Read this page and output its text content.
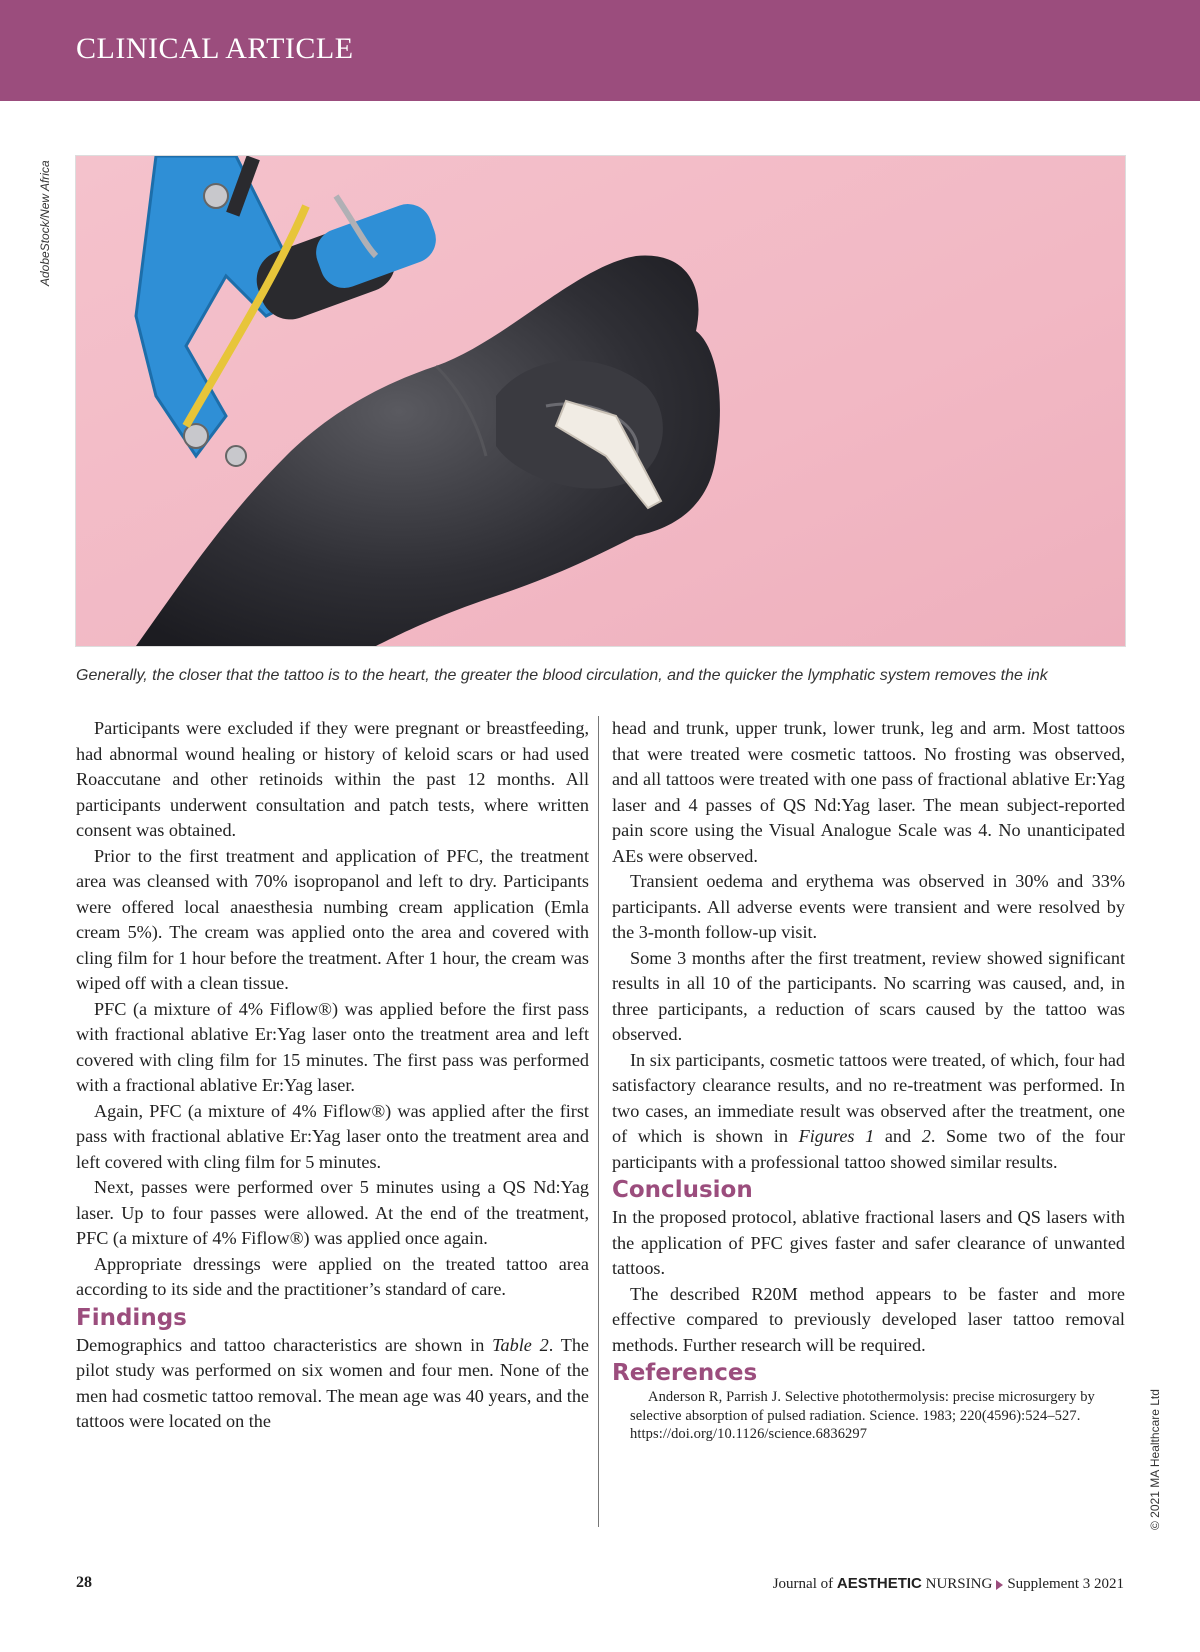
CLINICAL ARTICLE
AdobeStock/New Africa
Generally, the closer that the tattoo is to the heart, the greater the blood circulation, and the quicker the lymphatic system removes the ink

Participants were excluded if they were pregnant or breastfeeding, had abnormal wound healing or history of keloid scars or had used Roaccutane and other retinoids within the past 12 months. All participants underwent consultation and patch tests, where written consent was obtained.

Prior to the first treatment and application of PFC, the treatment area was cleansed with 70% isopropanol and left to dry. Participants were offered local anaesthesia numbing cream application (Emla cream 5%). The cream was applied onto the area and covered with cling film for 1 hour before the treatment. After 1 hour, the cream was wiped off with a clean tissue.

PFC (a mixture of 4% Fiflow®) was applied before the first pass with fractional ablative Er:Yag laser onto the treatment area and left covered with cling film for 15 minutes. The first pass was performed with a fractional ablative Er:Yag laser.

Again, PFC (a mixture of 4% Fiflow®) was applied after the first pass with fractional ablative Er:Yag laser onto the treatment area and left covered with cling film for 5 minutes.

Next, passes were performed over 5 minutes using a QS Nd:Yag laser. Up to four passes were allowed. At the end of the treatment, PFC (a mixture of 4% Fiflow®) was applied once again.

Appropriate dressings were applied on the treated tattoo area according to its side and the practitioner’s standard of care.

Findings

Demographics and tattoo characteristics are shown in Table 2. The pilot study was performed on six women and four men. None of the men had cosmetic tattoo removal. The mean age was 40 years, and the tattoos were located on the

head and trunk, upper trunk, lower trunk, leg and arm. Most tattoos that were treated were cosmetic tattoos. No frosting was observed, and all tattoos were treated with one pass of fractional ablative Er:Yag laser and 4 passes of QS Nd:Yag laser. The mean subject-reported pain score using the Visual Analogue Scale was 4. No unanticipated AEs were observed.

Transient oedema and erythema was observed in 30% and 33% participants. All adverse events were transient and were resolved by the 3-month follow-up visit.

Some 3 months after the first treatment, review showed significant results in all 10 of the participants. No scarring was caused, and, in three participants, a reduction of scars caused by the tattoo was observed.

In six participants, cosmetic tattoos were treated, of which, four had satisfactory clearance results, and no re-treatment was performed. In two cases, an immediate result was observed after the treatment, one of which is shown in Figures 1 and 2. Some two of the four participants with a professional tattoo showed similar results.

Conclusion

In the proposed protocol, ablative fractional lasers and QS lasers with the application of PFC gives faster and safer clearance of unwanted tattoos.

The described R20M method appears to be faster and more effective compared to previously developed laser tattoo removal methods. Further research will be required.

References

Anderson R, Parrish J. Selective photothermolysis: precise microsurgery by selective absorption of pulsed radiation. Science. 1983; 220(4596):524–527. https://doi.org/10.1126/science.6836297	© 2021 MA Healthcare Ltd
28	Journal of AESTHETIC NURSING Supplement 3 2021
